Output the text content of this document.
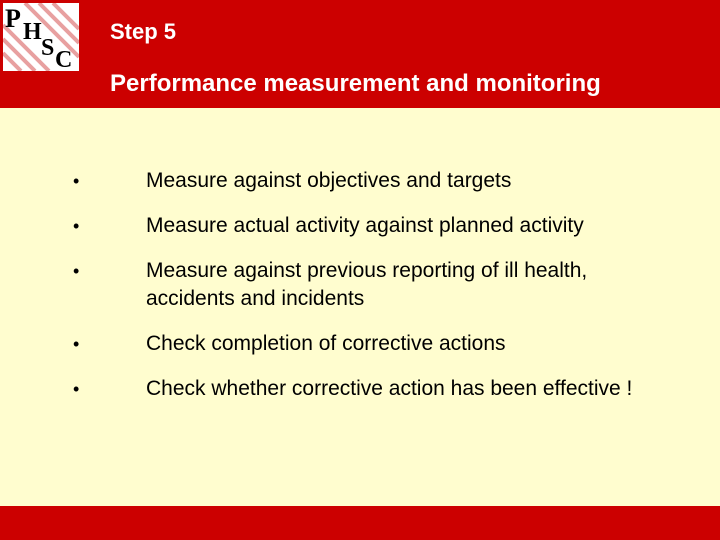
P H
S C
Step 5
Performance measurement and monitoring
•	Measure against objectives and targets
•	Measure actual activity against planned activity
•	Measure against previous reporting of ill health, accidents and incidents
•	Check completion of corrective actions
•	Check whether corrective action has been effective !
